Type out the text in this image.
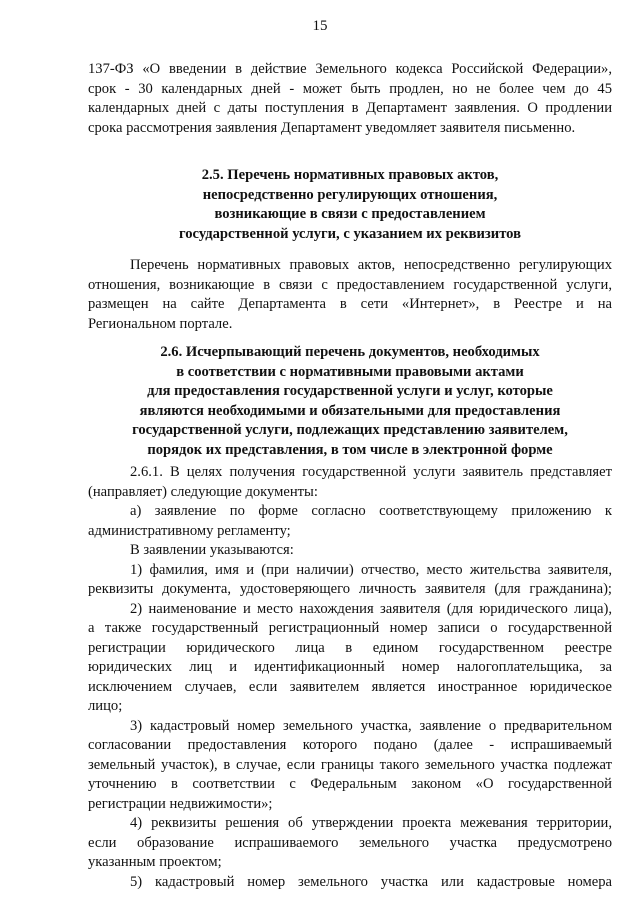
15
137-ФЗ «О введении в действие Земельного кодекса Российской Федерации»,
срок - 30 календарных дней - может быть продлен, но не более чем до 45
календарных дней с даты поступления в Департамент заявления. О продлении
срока рассмотрения заявления Департамент уведомляет заявителя письменно.
2.5. Перечень нормативных правовых актов,
непосредственно регулирующих отношения,
возникающие в связи с предоставлением
государственной услуги, с указанием их реквизитов
Перечень нормативных правовых актов, непосредственно регулирующих
отношения, возникающие в связи с предоставлением государственной услуги,
размещен на сайте Департамента в сети «Интернет», в Реестре и на
Региональном портале.
2.6. Исчерпывающий перечень документов, необходимых
в соответствии с нормативными правовыми актами
для предоставления государственной услуги и услуг, которые
являются необходимыми и обязательными для предоставления
государственной услуги, подлежащих представлению заявителем,
порядок их представления, в том числе в электронной форме
2.6.1. В целях получения государственной услуги заявитель представляет
(направляет) следующие документы:
а) заявление по форме согласно соответствующему приложению к
административному регламенту;
В заявлении указываются:
1) фамилия, имя и (при наличии) отчество, место жительства заявителя,
реквизиты документа, удостоверяющего личность заявителя (для гражданина);
2) наименование и место нахождения заявителя (для юридического лица),
а также государственный регистрационный номер записи о государственной
регистрации юридического лица в едином государственном реестре
юридических лиц и идентификационный номер налогоплательщика, за
исключением случаев, если заявителем является иностранное юридическое
лицо;
3) кадастровый номер земельного участка, заявление о предварительном
согласовании предоставления которого подано (далее - испрашиваемый
земельный участок), в случае, если границы такого земельного участка подлежат
уточнению в соответствии с Федеральным законом «О государственной
регистрации недвижимости»;
4) реквизиты решения об утверждении проекта межевания территории,
если образование испрашиваемого земельного участка предусмотрено
указанным проектом;
5) кадастровый номер земельного участка или кадастровые номера
